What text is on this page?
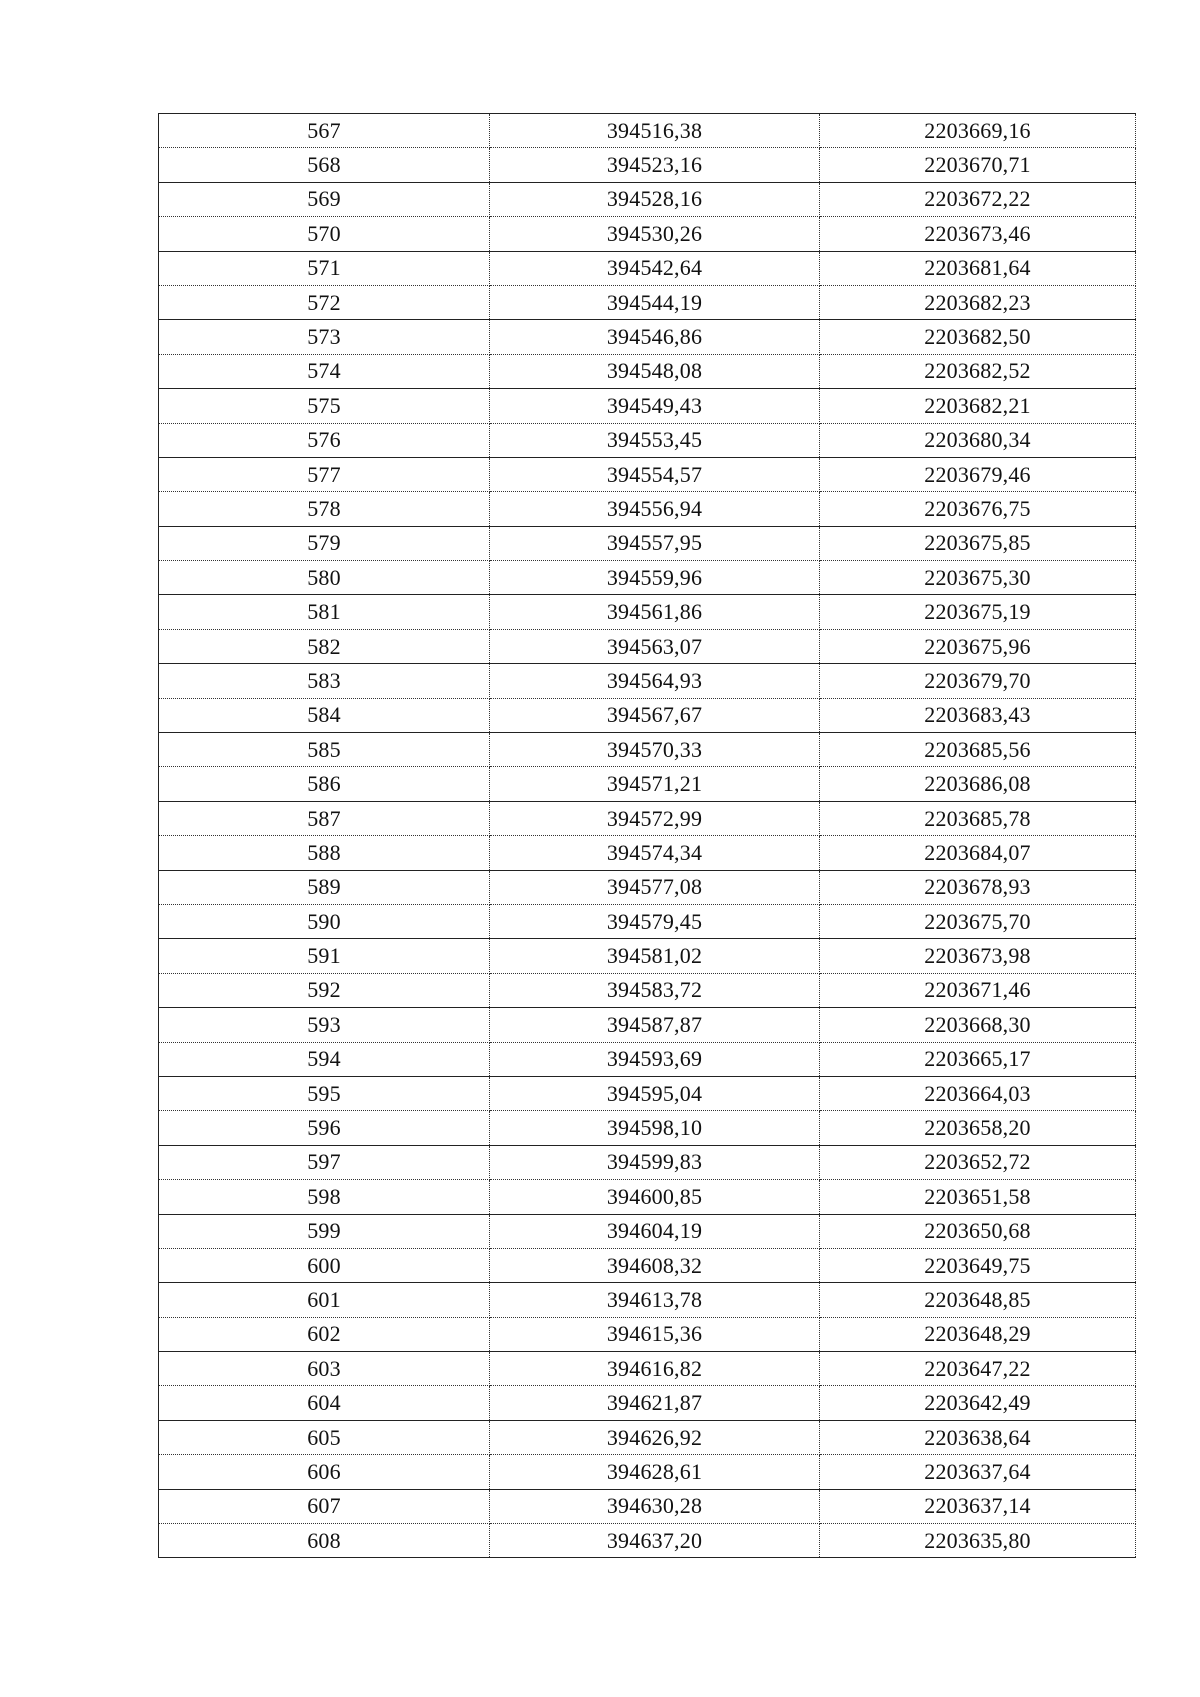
567	394516,38	2203669,16
568	394523,16	2203670,71
569	394528,16	2203672,22
570	394530,26	2203673,46
571	394542,64	2203681,64
572	394544,19	2203682,23
573	394546,86	2203682,50
574	394548,08	2203682,52
575	394549,43	2203682,21
576	394553,45	2203680,34
577	394554,57	2203679,46
578	394556,94	2203676,75
579	394557,95	2203675,85
580	394559,96	2203675,30
581	394561,86	2203675,19
582	394563,07	2203675,96
583	394564,93	2203679,70
584	394567,67	2203683,43
585	394570,33	2203685,56
586	394571,21	2203686,08
587	394572,99	2203685,78
588	394574,34	2203684,07
589	394577,08	2203678,93
590	394579,45	2203675,70
591	394581,02	2203673,98
592	394583,72	2203671,46
593	394587,87	2203668,30
594	394593,69	2203665,17
595	394595,04	2203664,03
596	394598,10	2203658,20
597	394599,83	2203652,72
598	394600,85	2203651,58
599	394604,19	2203650,68
600	394608,32	2203649,75
601	394613,78	2203648,85
602	394615,36	2203648,29
603	394616,82	2203647,22
604	394621,87	2203642,49
605	394626,92	2203638,64
606	394628,61	2203637,64
607	394630,28	2203637,14
608	394637,20	2203635,80
